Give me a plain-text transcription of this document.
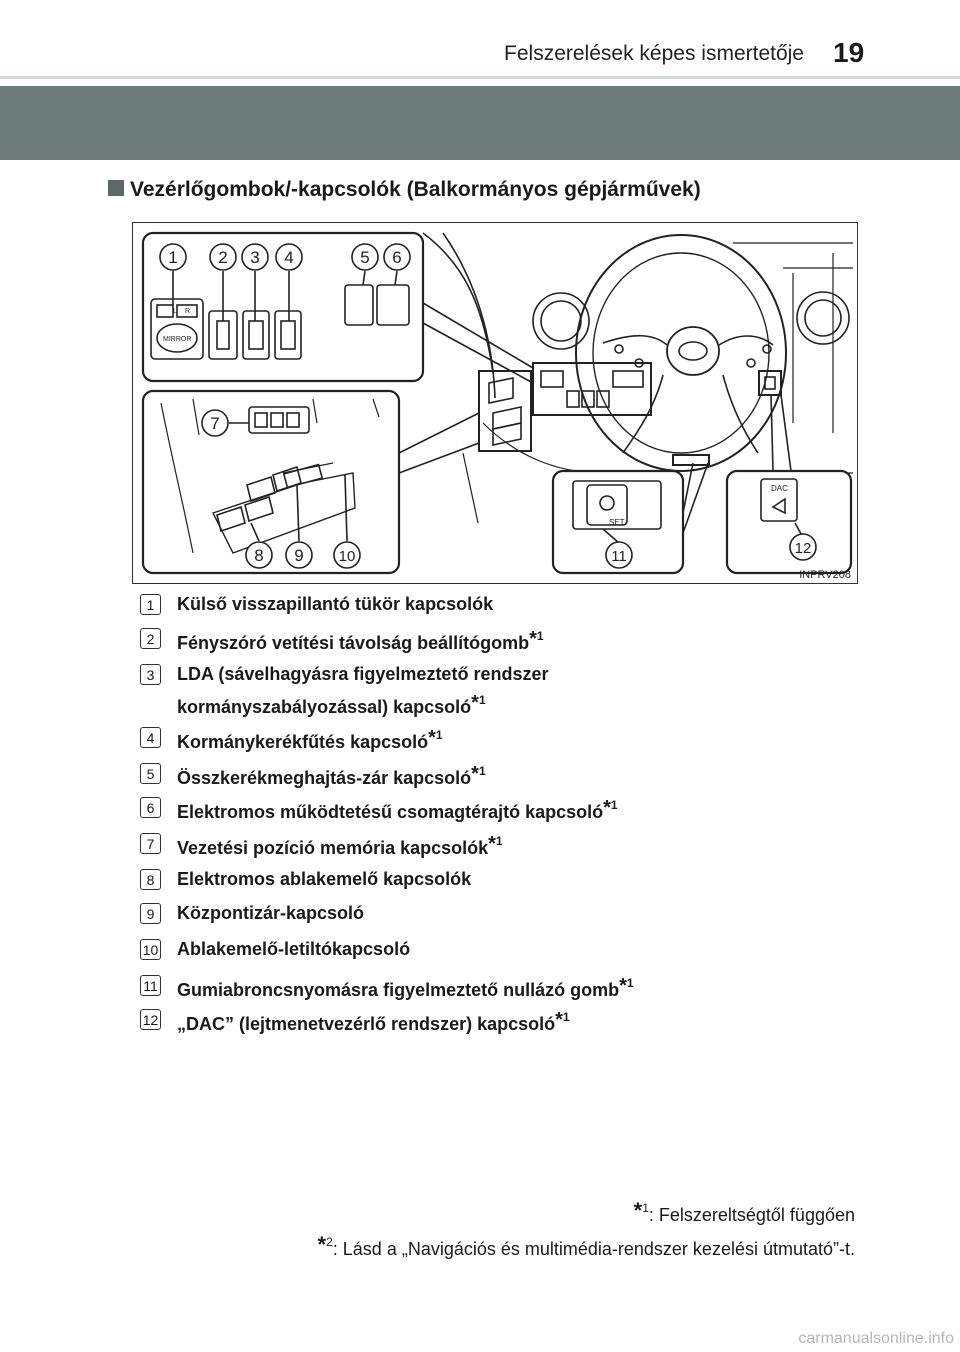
Felszerelések képes ismertetője 19
Vezérlőgombok/-kapcsolók (Balkormányos gépjárművek)
L R
MIRROR
SET
DAC
1 2 3 4	5 6
7
8 9 10	11	12
INPRV208
1	Külső visszapillantó tükör kapcsolók
2	Fényszóró vetítési távolság beállítógomb*$^1$
3	LDA (sávelhagyásra figyelmeztető rendszer
kormányszabályozással) kapcsoló*$^1$
4	Kormánykerékfűtés kapcsoló*$^1$
5	Összkerékmeghajtás-zár kapcsoló*$^1$
6	Elektromos működtetésű csomagtérajtó kapcsoló*$^1$
7	Vezetési pozíció memória kapcsolók*$^1$
8	Elektromos ablakemelő kapcsolók
9	Központizár-kapcsoló
10 Ablakemelő-letiltókapcsoló
11 Gumiabroncsnyomásra figyelmeztető nullázó gomb*$^1$
12 „DAC” (lejtmenetvezérlő rendszer) kapcsoló*$^1$
*$^1$: Felszereltségtől függően
*$^2$: Lásd a „Navigációs és multimédia-rendszer kezelési útmutató”-t.
carmanualsonline.info
